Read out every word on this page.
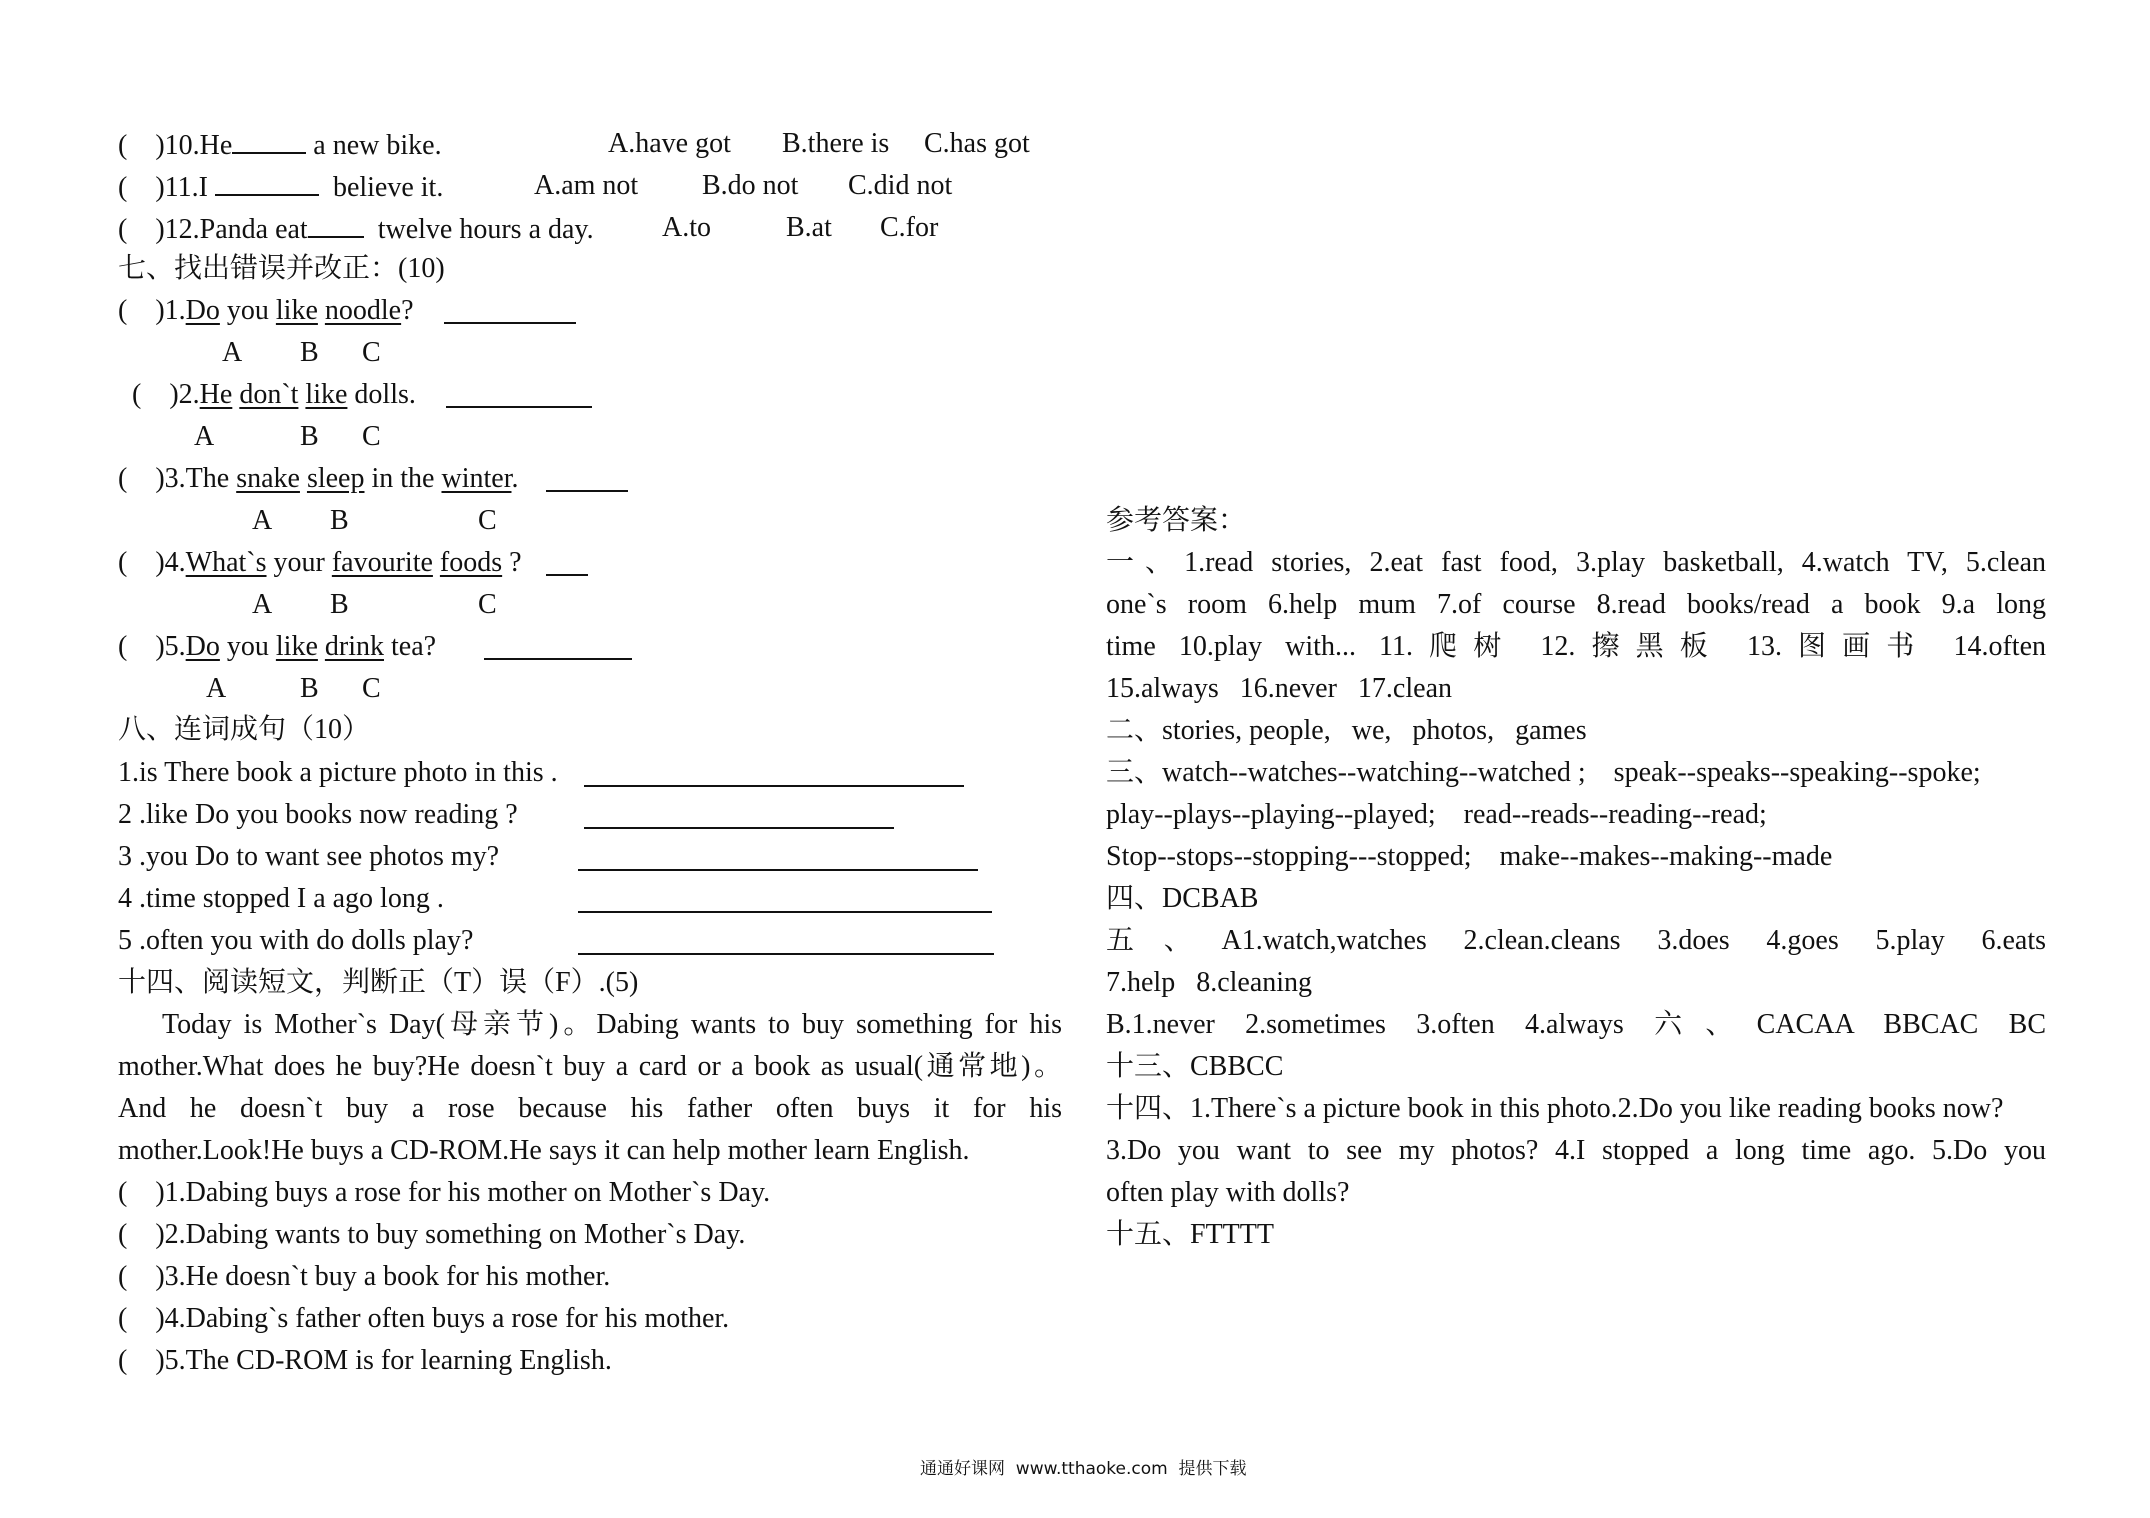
(    )10.He	a new bike.	A.have got B.there is C.has got
(    )11.I	believe it.	A.am not B.do not C.did not
(    )12.Panda eat	twelve hours a day. A.to	B.at C.for
七、找出错误并改正：(10)
(    )1.Do you like noodle?
A B C
(    )2.He don`t like dolls.
A	B C
(    )3.The snake sleep in the winter.
A B	C
(    )4.What`s your favourite foods ?
A B	C
(    )5.Do you like drink tea?
A	B C
八、连词成句（10）
1.is There book a picture photo in this .
2 .like Do you books now reading ?
3 .you Do to want see photos my?
4 .time stopped I a ago long .
5 .often you with do dolls play?
十四、阅读短文，判断正（T）误（F）.(5)
Today is Mother`s Day(母亲节)。Dabing wants to buy something for his
mother.What does he buy?He doesn`t buy a card or a book as usual(通常地)。
And he doesn`t buy a rose because his father often buys it for his
mother.Look!He buys a CD-ROM.He says it can help mother learn English.
(    )1.Dabing buys a rose for his mother on Mother`s Day.
(    )2.Dabing wants to buy something on Mother`s Day.
(    )3.He doesn`t buy a book for his mother.
(    )4.Dabing`s father often buys a rose for his mother.
(    )5.The CD-ROM is for learning English.
参考答案：
一、1.read stories, 2.eat fast food, 3.play basketball, 4.watch TV, 5.clean
one`s room 6.help mum 7.of course 8.read books/read a book 9.a long
time 10.play with... 11.爬树 12.擦黑板 13.图画书 14.often
15.always   16.never   17.clean
二、stories, people,   we,   photos,   games
三、watch--watches--watching--watched ;    speak--speaks--speaking--spoke;
play--plays--playing--played;    read--reads--reading--read;
Stop--stops--stopping---stopped;    make--makes--making--made
四、DCBAB
五、A1.watch,watches 2.clean.cleans 3.does 4.goes 5.play 6.eats
7.help   8.cleaning
B.1.never 2.sometimes 3.often 4.always 六、CACAA BBCAC BC
十三、CBBCC
十四、1.There`s a picture book in this photo.2.Do you like reading books now?
3.Do you want to see my photos? 4.I stopped a long time ago. 5.Do you
often play with dolls?
十五、FTTTT
通通好课网  www.tthaoke.com  提供下载
